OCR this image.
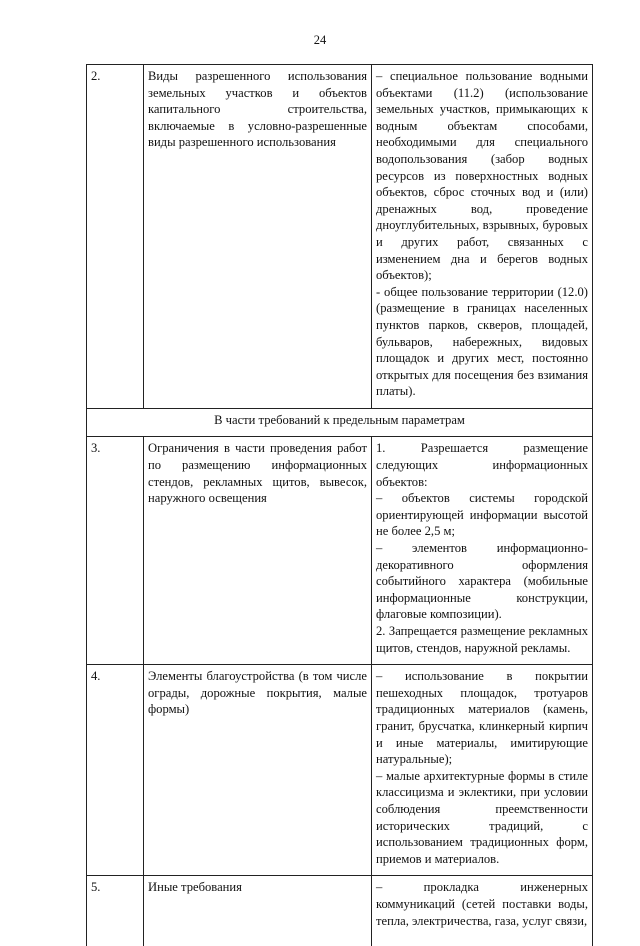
24
2.	Виды разрешенного использования земельных участков и объектов капитального строительства, включаемые в условно-разрешенные виды разрешенного использования	– специальное пользование водными объектами (11.2) (использование земельных участков, примыкающих к водным объектам способами, необходимыми для специального водопользования (забор водных ресурсов из поверхностных водных объектов, сброс сточных вод и (или) дренажных вод, проведение дноуглубительных, взрывных, буровых и других работ, связанных с изменением дна и берегов водных объектов);
- общее пользование территории (12.0) (размещение в границах населенных пунктов парков, скверов, площадей, бульваров, набережных, видовых площадок и других мест, постоянно открытых для посещения без взимания платы).

В части требований к предельным параметрам		
3.	Ограничения в части проведения работ по размещению информационных стендов, рекламных щитов, вывесок, наружного освещения	1. Разрешается размещение следующих информационных объектов:
– объектов системы городской ориентирующей информации высотой не более 2,5 м;
– элементов информационно-декоративного оформления событийного характера (мобильные информационные конструкции, флаговые композиции).
2. Запрещается размещение рекламных щитов, стендов, наружной рекламы.

4.	Элементы благоустройства (в том числе ограды, дорожные покрытия, малые формы)	– использование в покрытии пешеходных площадок, тротуаров традиционных материалов (камень, гранит, брусчатка, клинкерный кирпич и иные материалы, имитирующие натуральные);
– малые архитектурные формы в стиле классицизма и эклектики, при условии соблюдения преемственности исторических традиций, с использованием традиционных форм, приемов и материалов.

5.	Иные требования	– прокладка инженерных коммуникаций (сетей поставки воды, тепла, электричества, газа, услуг связи,
